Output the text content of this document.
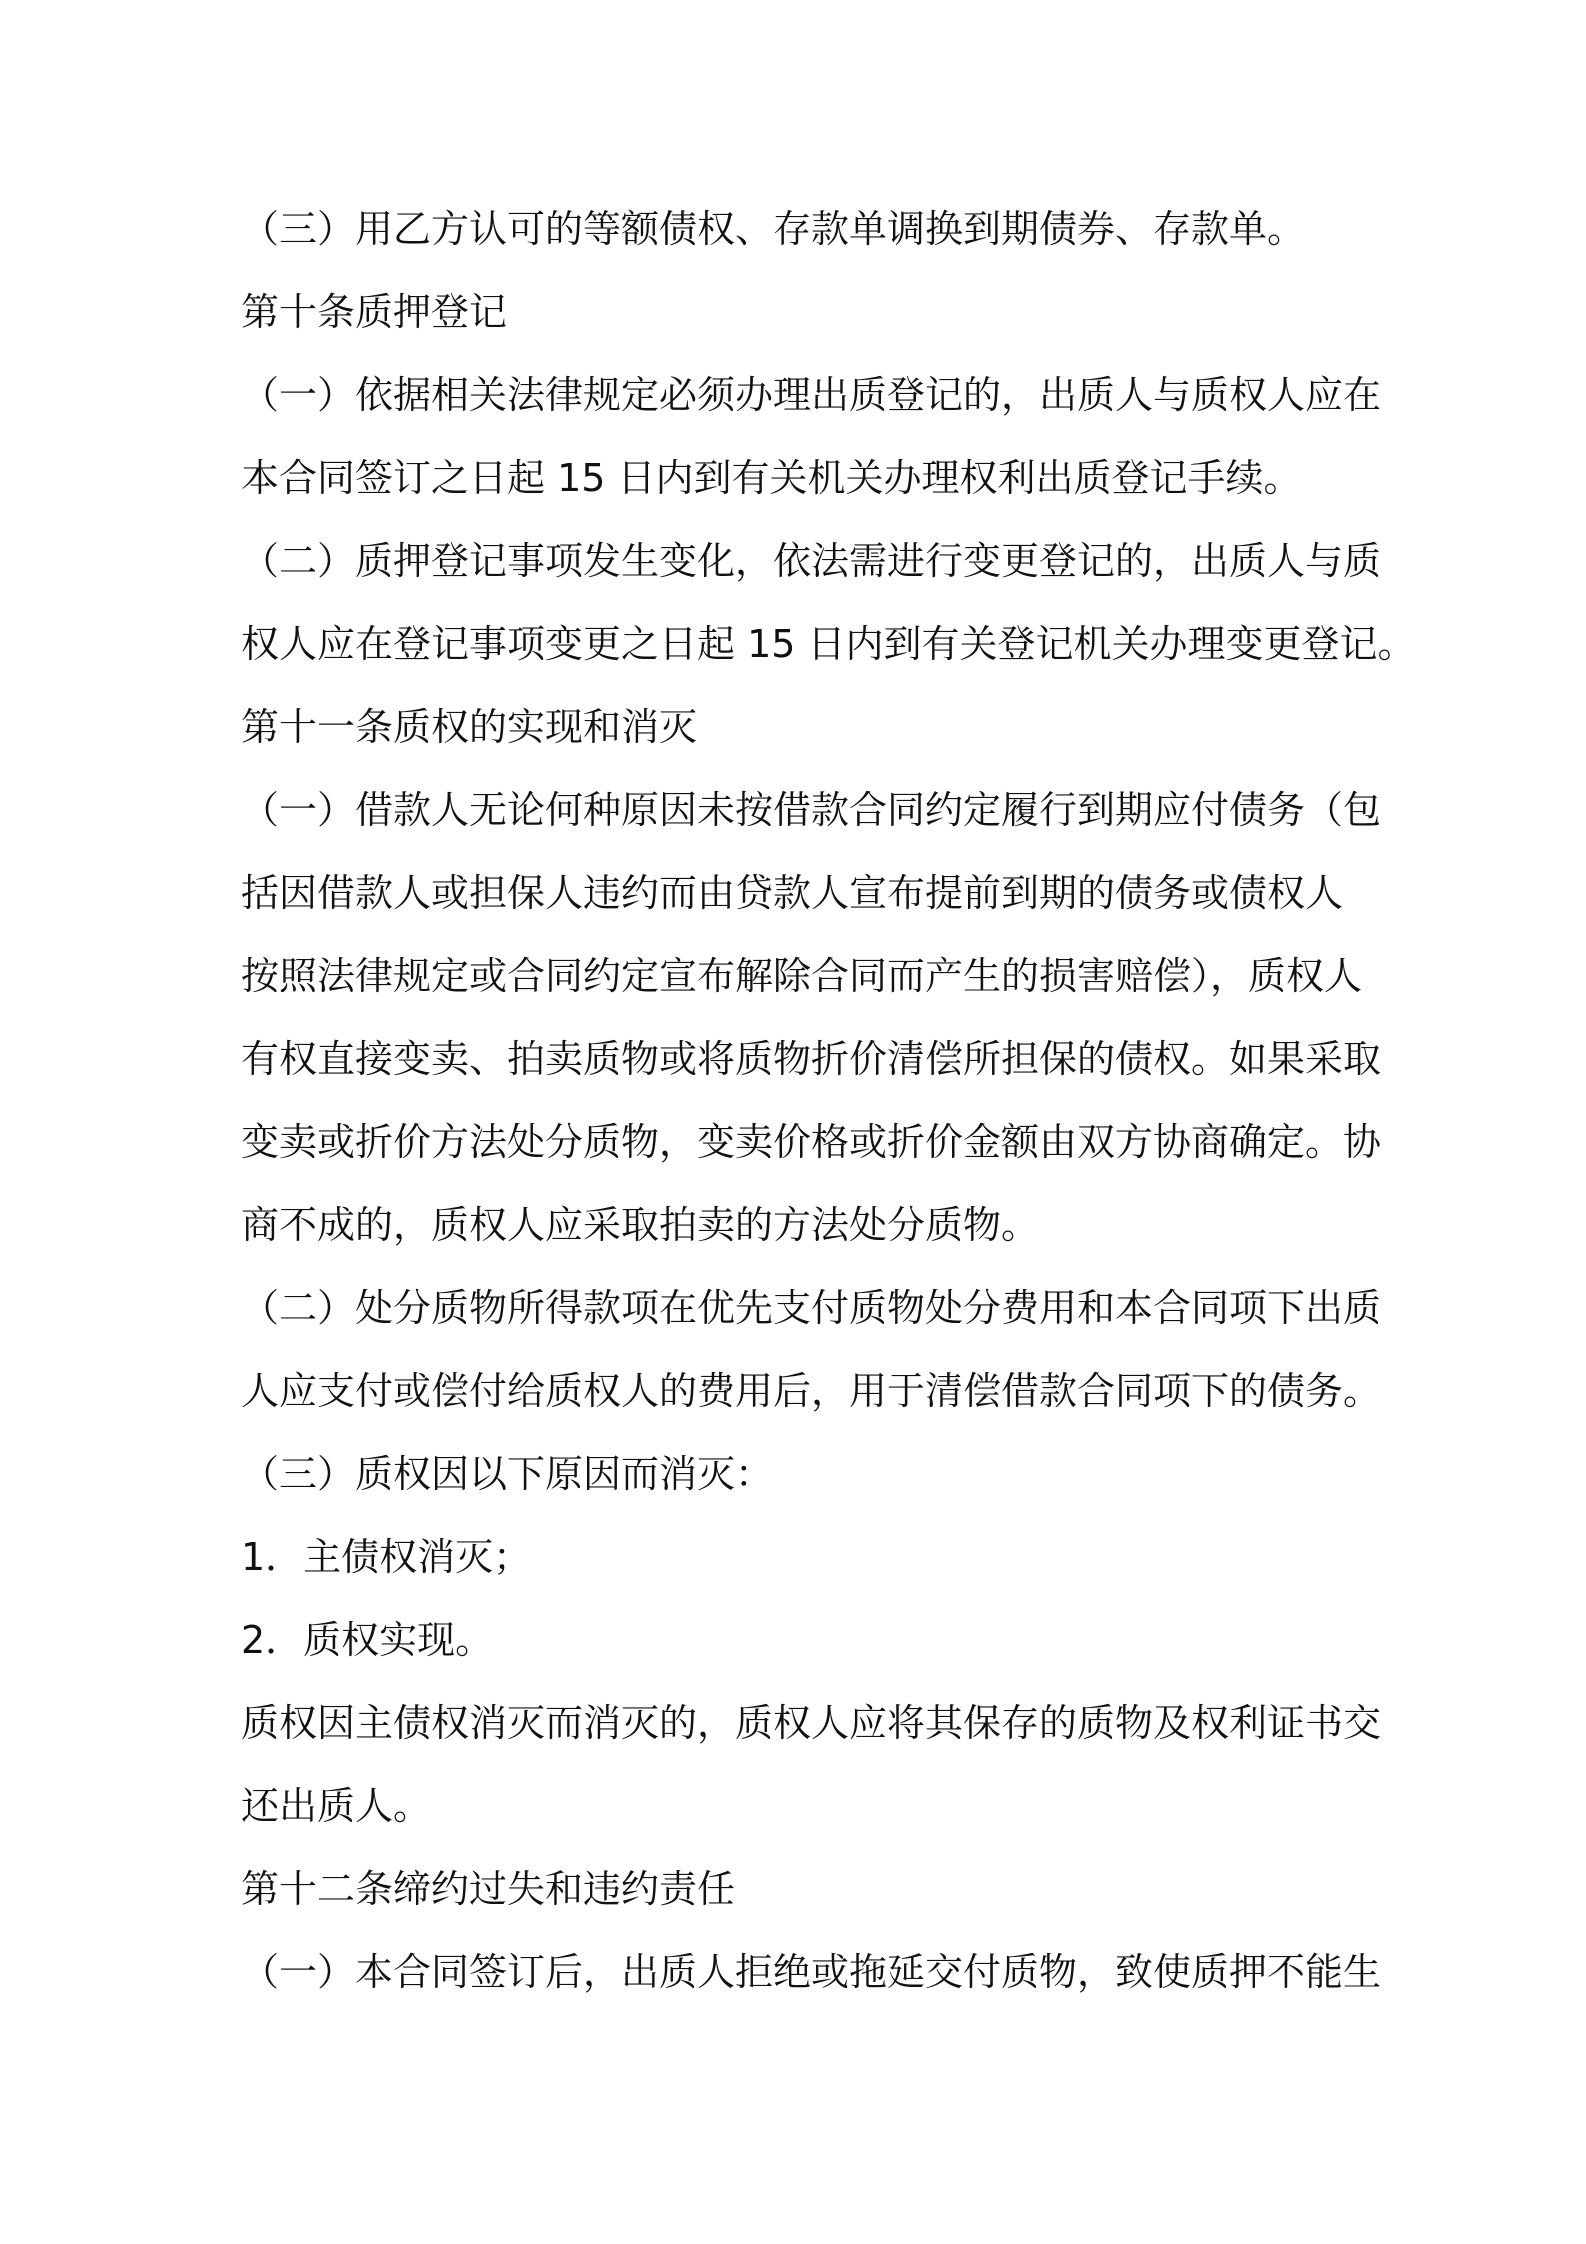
（三）用乙方认可的等额债权、存款单调换到期债券、存款单。
第十条质押登记
（一）依据相关法律规定必须办理出质登记的，出质人与质权人应在
本合同签订之日起 15 日内到有关机关办理权利出质登记手续。
（二）质押登记事项发生变化，依法需进行变更登记的，出质人与质
权人应在登记事项变更之日起 15 日内到有关登记机关办理变更登记。
第十一条质权的实现和消灭
（一）借款人无论何种原因未按借款合同约定履行到期应付债务（包
括因借款人或担保人违约而由贷款人宣布提前到期的债务或债权人
按照法律规定或合同约定宣布解除合同而产生的损害赔偿），质权人
有权直接变卖、拍卖质物或将质物折价清偿所担保的债权。如果采取
变卖或折价方法处分质物，变卖价格或折价金额由双方协商确定。协
商不成的，质权人应采取拍卖的方法处分质物。
（二）处分质物所得款项在优先支付质物处分费用和本合同项下出质
人应支付或偿付给质权人的费用后，用于清偿借款合同项下的债务。
（三）质权因以下原因而消灭：
1．主债权消灭；
2．质权实现。
质权因主债权消灭而消灭的，质权人应将其保存的质物及权利证书交
还出质人。
第十二条缔约过失和违约责任
（一）本合同签订后，出质人拒绝或拖延交付质物，致使质押不能生
